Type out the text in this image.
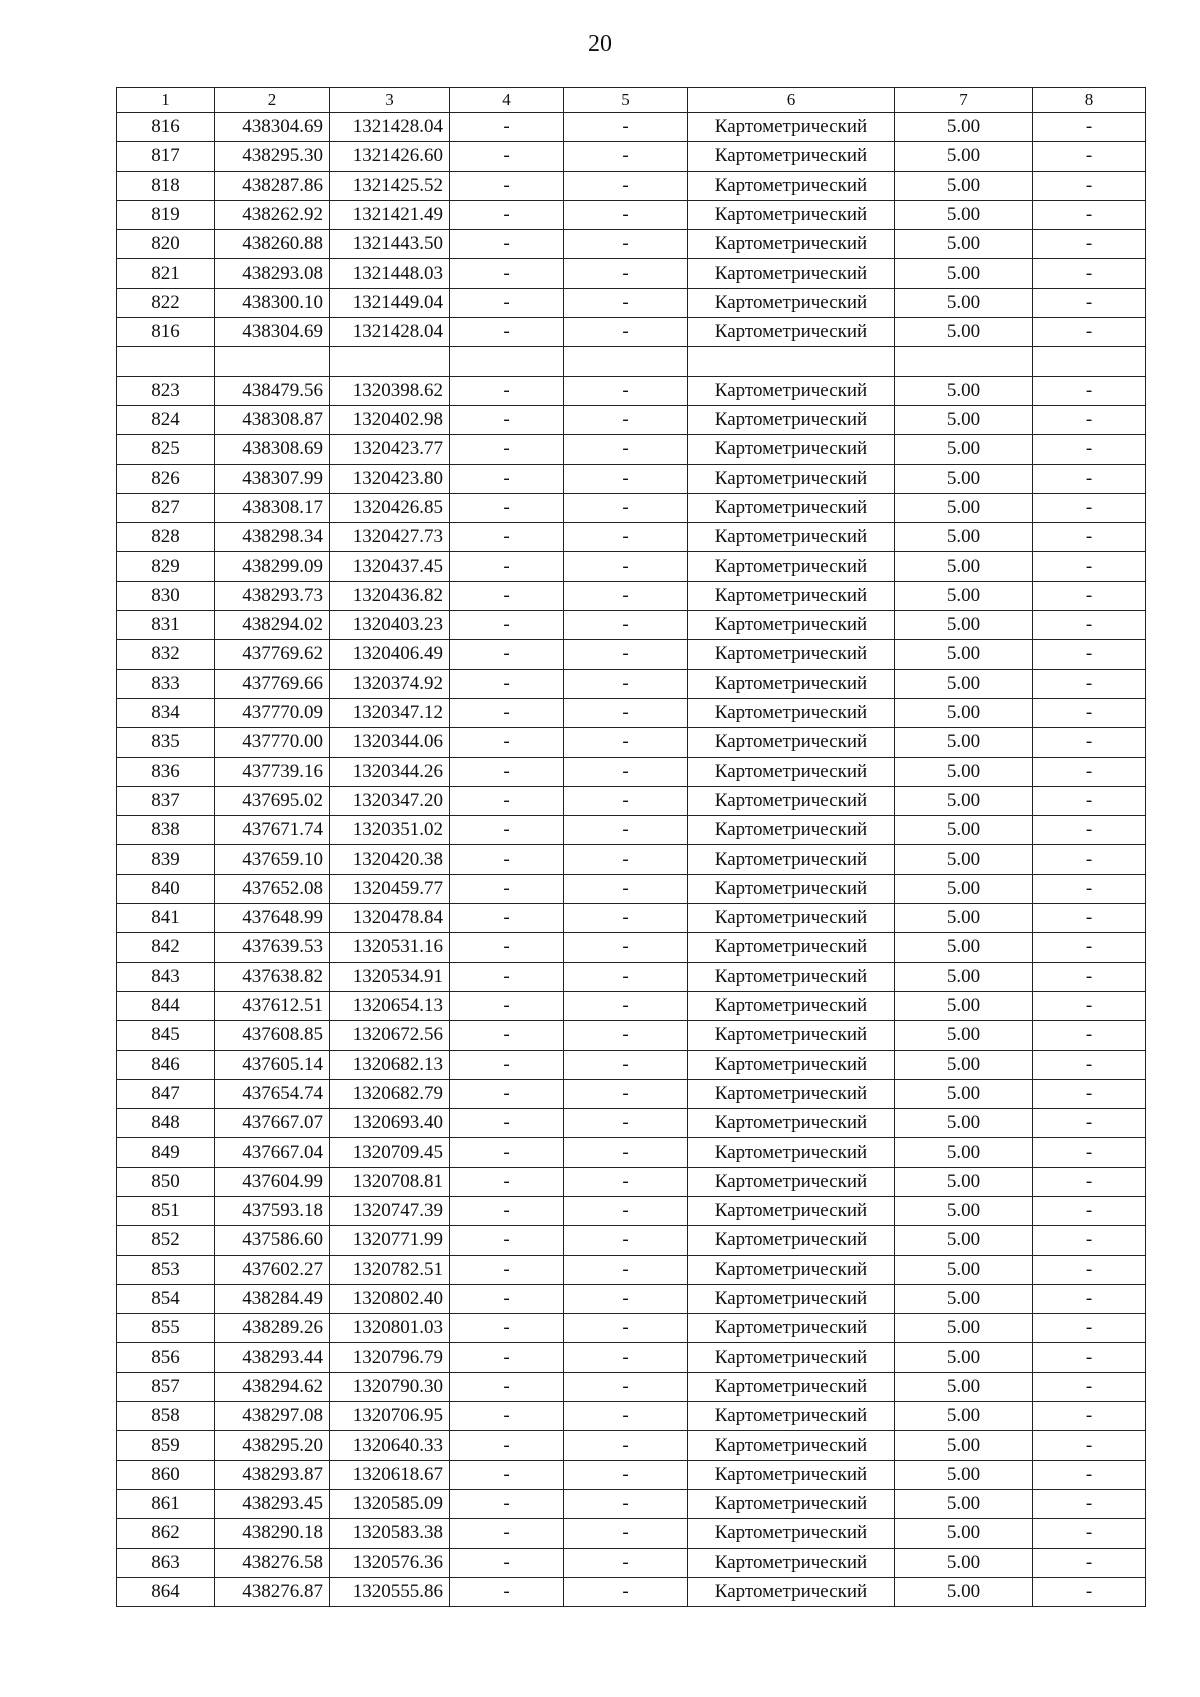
20
1	2	3	4	5	6	7	8
816	438304.69	1321428.04	-	-	Картометрический	5.00	-
817	438295.30	1321426.60	-	-	Картометрический	5.00	-
818	438287.86	1321425.52	-	-	Картометрический	5.00	-
819	438262.92	1321421.49	-	-	Картометрический	5.00	-
820	438260.88	1321443.50	-	-	Картометрический	5.00	-
821	438293.08	1321448.03	-	-	Картометрический	5.00	-
822	438300.10	1321449.04	-	-	Картометрический	5.00	-
816	438304.69	1321428.04	-	-	Картометрический	5.00	-

823	438479.56	1320398.62	-	-	Картометрический	5.00	-
824	438308.87	1320402.98	-	-	Картометрический	5.00	-
825	438308.69	1320423.77	-	-	Картометрический	5.00	-
826	438307.99	1320423.80	-	-	Картометрический	5.00	-
827	438308.17	1320426.85	-	-	Картометрический	5.00	-
828	438298.34	1320427.73	-	-	Картометрический	5.00	-
829	438299.09	1320437.45	-	-	Картометрический	5.00	-
830	438293.73	1320436.82	-	-	Картометрический	5.00	-
831	438294.02	1320403.23	-	-	Картометрический	5.00	-
832	437769.62	1320406.49	-	-	Картометрический	5.00	-
833	437769.66	1320374.92	-	-	Картометрический	5.00	-
834	437770.09	1320347.12	-	-	Картометрический	5.00	-
835	437770.00	1320344.06	-	-	Картометрический	5.00	-
836	437739.16	1320344.26	-	-	Картометрический	5.00	-
837	437695.02	1320347.20	-	-	Картометрический	5.00	-
838	437671.74	1320351.02	-	-	Картометрический	5.00	-
839	437659.10	1320420.38	-	-	Картометрический	5.00	-
840	437652.08	1320459.77	-	-	Картометрический	5.00	-
841	437648.99	1320478.84	-	-	Картометрический	5.00	-
842	437639.53	1320531.16	-	-	Картометрический	5.00	-
843	437638.82	1320534.91	-	-	Картометрический	5.00	-
844	437612.51	1320654.13	-	-	Картометрический	5.00	-
845	437608.85	1320672.56	-	-	Картометрический	5.00	-
846	437605.14	1320682.13	-	-	Картометрический	5.00	-
847	437654.74	1320682.79	-	-	Картометрический	5.00	-
848	437667.07	1320693.40	-	-	Картометрический	5.00	-
849	437667.04	1320709.45	-	-	Картометрический	5.00	-
850	437604.99	1320708.81	-	-	Картометрический	5.00	-
851	437593.18	1320747.39	-	-	Картометрический	5.00	-
852	437586.60	1320771.99	-	-	Картометрический	5.00	-
853	437602.27	1320782.51	-	-	Картометрический	5.00	-
854	438284.49	1320802.40	-	-	Картометрический	5.00	-
855	438289.26	1320801.03	-	-	Картометрический	5.00	-
856	438293.44	1320796.79	-	-	Картометрический	5.00	-
857	438294.62	1320790.30	-	-	Картометрический	5.00	-
858	438297.08	1320706.95	-	-	Картометрический	5.00	-
859	438295.20	1320640.33	-	-	Картометрический	5.00	-
860	438293.87	1320618.67	-	-	Картометрический	5.00	-
861	438293.45	1320585.09	-	-	Картометрический	5.00	-
862	438290.18	1320583.38	-	-	Картометрический	5.00	-
863	438276.58	1320576.36	-	-	Картометрический	5.00	-
864	438276.87	1320555.86	-	-	Картометрический	5.00	-
